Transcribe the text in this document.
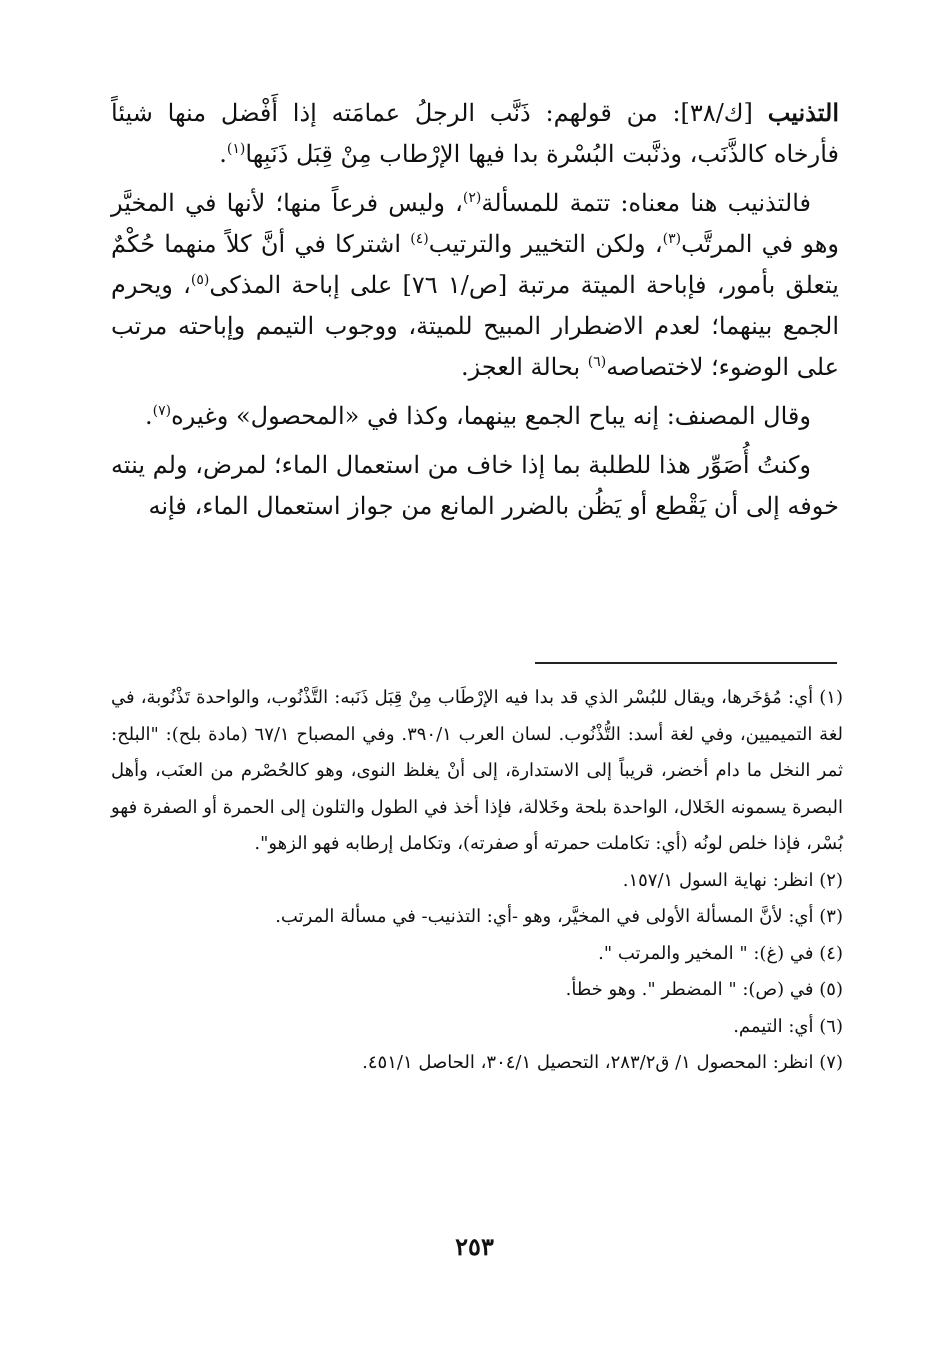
التذنيب [ك/٣٨]: من قولهم: ذَنَّب الرجلُ عمامَته إذا أَفْضل منها شيئاً فأرخاه كالذَّنَب، وذنَّبت البُسْرة بدا فيها الإرْطاب مِنْ قِبَل ذَنَبِها$^{(١)}$.

فالتذنيب هنا معناه: تتمة للمسألة$^{(٢)}$، وليس فرعاً منها؛ لأنها في المخيَّر وهو في المرتَّب$^{(٣)}$، ولكن التخيير والترتيب$^{(٤)}$ اشتركا في أنَّ كلاً منهما حُكْمٌ يتعلق بأمور، فإباحة الميتة مرتبة [ص/١ ٧٦] على إباحة المذكى$^{(٥)}$، ويحرم الجمع بينهما؛ لعدم الاضطرار المبيح للميتة، ووجوب التيمم وإباحته مرتب على الوضوء؛ لاختصاصه$^{(٦)}$ بحالة العجز.

وقال المصنف: إنه يباح الجمع بينهما، وكذا في «المحصول» وغيره$^{(٧)}$.

وكنتُ أُصَوِّر هذا للطلبة بما إذا خاف من استعمال الماء؛ لمرض، ولم ينته خوفه إلى أن يَقْطع أو يَظُن بالضرر المانع من جواز استعمال الماء، فإنه

(١) أي: مُؤخَرها، ويقال للبُسْر الذي قد بدا فيه الإرْطَاب مِنْ قِبَل ذَنَبه: التَّذْنُوب، والواحدة تَذْنُوبة، في لغة التميميين، وفي لغة أسد: التُّذْنُوب. لسان العرب ٣٩٠/١. وفي المصباح ٦٧/١ (مادة بلح): "البلح: ثمر النخل ما دام أخضر، قريباً إلى الاستدارة، إلى أنْ يغلظ النوى، وهو كالحُصْرم من العنَب، وأهل البصرة يسمونه الخَلال، الواحدة بلحة وخَلالة، فإذا أخذ في الطول والتلون إلى الحمرة أو الصفرة فهو بُسْر، فإذا خلص لونُه (أي: تكاملت حمرته أو صفرته)، وتكامل إرطابه فهو الزهو".

(٢) انظر: نهاية السول ١٥٧/١.

(٣) أي: لأنَّ المسألة الأولى في المخيَّر، وهو -أي: التذنيب- في مسألة المرتب.

(٤) في (غ): " المخير والمرتب ".

(٥) في (ص): " المضطر ". وهو خطأ.

(٦) أي: التيمم.

(٧) انظر: المحصول ١/ ق٢٨٣/٢، التحصيل ٣٠٤/١، الحاصل ٤٥١/١.

٢٥٣
